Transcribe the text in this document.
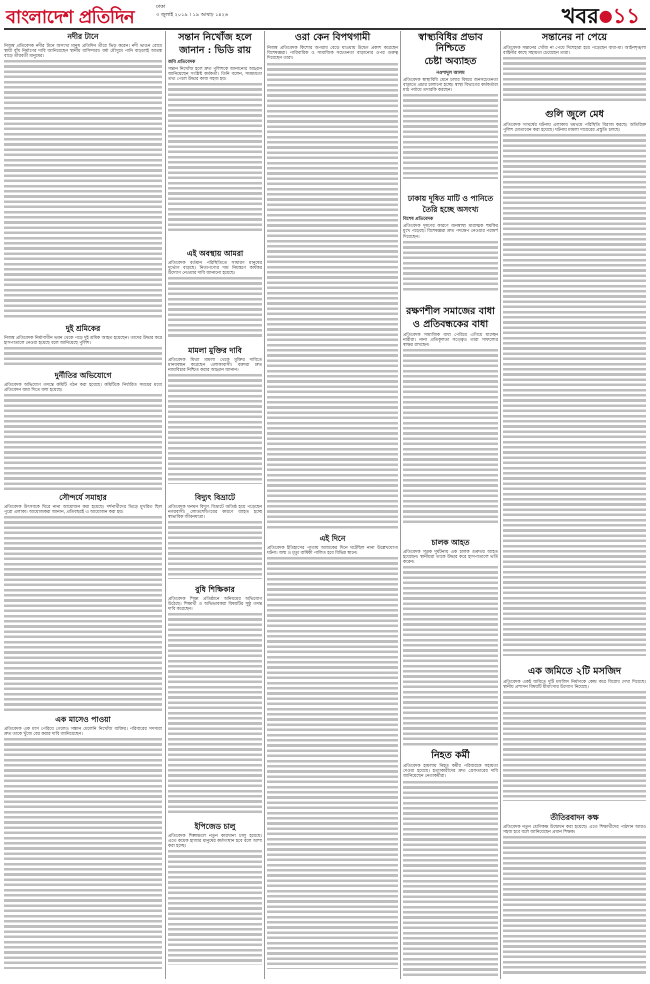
বাংলাদেশ প্রতিদিন	ঢাকা
৩ জুলাই ২০১৯ । ১৯ আষাঢ় ১৪২৬	খবর●১১
নদীর টানে

নিজস্ব প্রতিবেদক নদীর টানে অসংখ্য মানুষ প্রতিদিন তীরে ভিড় করেন। নদী ভাঙন রোধে স্থায়ী বাঁধ নির্মাণের দাবি জানিয়েছেন স্থানীয় বাসিন্দারা। বর্ষা মৌসুমে পানি বাড়লেই আতঙ্ক বাড়ে তীরবর্তী মানুষের।

দুই শ্রমিকের

নিজস্ব প্রতিবেদক নির্মাণাধীন ভবন থেকে পড়ে দুই শ্রমিক আহত হয়েছেন। তাদের উদ্ধার করে হাসপাতালে নেওয়া হয়েছে বলে জানিয়েছে পুলিশ।

দুর্নীতির অভিযোগে

প্রতিবেদক অভিযোগ তদন্তে কমিটি গঠন করা হয়েছে। কমিটিকে নির্ধারিত সময়ের মধ্যে প্রতিবেদন জমা দিতে বলা হয়েছে।

সৌন্দর্যে সমাহার

প্রতিবেদক উৎসবকে ঘিরে নানা আয়োজন করা হয়েছে। দর্শনার্থীদের ভিড়ে মুখরিত ছিল পুরো এলাকা। আয়োজকরা জানান, প্রতিবছরই এ আয়োজন করা হয়।

এক মাসেও পাওয়া

প্রতিবেদক এক মাস পেরিয়ে গেলেও সন্ধান মেলেনি নিখোঁজ ব্যক্তির। পরিবারের সদস্যরা দ্রুত তাকে খুঁজে বের করার দাবি জানিয়েছেন।

সন্তান নিখোঁজ হলে
জানান : ভিডি রায়
জবি প্রতিবেদক

সন্তান নিখোঁজ হলে দ্রুত পুলিশকে জানানোর আহ্বান জানিয়েছেন সংশ্লিষ্ট কর্মকর্তা। তিনি বলেন, সময়মতো তথ্য পেলে উদ্ধার কাজ সহজ হয়।

এই অবস্থায় আমরা

প্রতিবেদক বর্তমান পরিস্থিতিতে সাধারণ মানুষের দুর্ভোগ বাড়ছে। নিত্যপণ্যের দাম নিয়ন্ত্রণে কার্যকর উদ্যোগ নেওয়ার দাবি জানানো হয়েছে।

মামলা মুক্তির দাবি

প্রতিবেদক মিথ্যা মামলা থেকে মুক্তির দাবিতে মানববন্ধন করেছেন এলাকাবাসী। বক্তারা দ্রুত ন্যায়বিচার নিশ্চিত করার আহ্বান জানান।

বিদ্যুৎ বিভ্রাটে

প্রতিবেদক ঘনঘন বিদ্যুৎ বিভ্রাটে অতিষ্ঠ হয়ে পড়েছেন নগরবাসী। লোডশেডিংয়ের কারণে ব্যাহত হচ্ছে স্বাভাবিক জীবনযাত্রা।

বুধি শিক্ষিকার

প্রতিবেদক শিক্ষা প্রতিষ্ঠানে অনিয়মের অভিযোগ উঠেছে। শিক্ষার্থী ও অভিভাবকরা বিষয়টির সুষ্ঠু তদন্ত দাবি করেছেন।

ইপিজেড চালু

প্রতিবেদক শিল্পাঞ্চলে নতুন কারখানা চালু হয়েছে। এতে কয়েক হাজার মানুষের কর্মসংস্থান হবে বলে আশা করা হচ্ছে।

ওরা কেন বিপথগামী

নিজস্ব প্রতিবেদক কিশোর অপরাধ বেড়ে যাওয়ায় উদ্বেগ প্রকাশ করেছেন বিশেষজ্ঞরা। পারিবারিক ও সামাজিক সচেতনতা বাড়ানোর ওপর গুরুত্ব দিয়েছেন তারা।

এই দিনে

প্রতিবেদক ইতিহাসের পাতায় আজকের দিনে ঘটেছিল নানা উল্লেখযোগ্য ঘটনা। জন্ম ও মৃত্যু বার্ষিকী পালিত হবে বিভিন্ন স্থানে।

স্বাস্থ্যবিধির প্রভাব নিশ্চিতে
চেষ্টা অব্যাহত
নওশাদুল আলম

প্রতিবেদক স্বাস্থ্যবিধি মেনে চলার বিষয়ে জনসচেতনতা বাড়াতে প্রচার চালানো হচ্ছে। স্বাস্থ্য বিভাগের কর্মকর্তারা মাঠ পর্যায়ে তদারকি করছেন।

ঢাকায় দূষিত মাটি ও পানিতে
তৈরি হচ্ছে অসংখ্য
বিশেষ প্রতিবেদক

প্রতিবেদক দূষণের কারণে জনস্বাস্থ্য মারাত্মক হুমকির মুখে পড়েছে। বিশেষজ্ঞরা দ্রুত পদক্ষেপ নেওয়ার পরামর্শ দিয়েছেন।

রক্ষণশীল সমাজের বাধা
ও প্রতিবন্ধকের বাধা

প্রতিবেদক সামাজিক বাধা পেরিয়ে এগিয়ে যাচ্ছেন নারীরা। নানা প্রতিকূলতা সত্ত্বেও তারা সাফল্যের স্বাক্ষর রাখছেন।

চালক আহত

প্রতিবেদক সড়ক দুর্ঘটনায় এক চালক গুরুতর আহত হয়েছেন। স্থানীয়রা তাকে উদ্ধার করে হাসপাতালে ভর্তি করেন।

নিহত কর্মী

প্রতিবেদক হামলায় নিহত কর্মীর পরিবারকে সহায়তা দেওয়া হয়েছে। হত্যাকারীদের দ্রুত গ্রেফতারের দাবি জানিয়েছেন নেতাকর্মীরা।

সন্তানের না পেয়ে

প্রতিবেদক সন্তানের খোঁজ না পেয়ে দিশেহারা হয়ে পড়েছেন বাবা-মা। আইনশৃঙ্খলা বাহিনীর কাছে সহায়তা চেয়েছেন তারা।

গুলি জুলে মেধ

প্রতিবেদক সংঘর্ষের ঘটনায় এলাকায় থমথমে পরিস্থিতি বিরাজ করছে। অতিরিক্ত পুলিশ মোতায়েন করা হয়েছে। ঘটনায় মামলা দায়েরের প্রস্তুতি চলছে।

এক জমিতে ২টি মসজিদ

প্রতিবেদক একই জমিতে দুটি মসজিদ নির্মাণকে কেন্দ্র করে বিরোধ দেখা দিয়েছে। স্থানীয় প্রশাসন বিষয়টি মীমাংসার উদ্যোগ নিয়েছে।

তীতিরবাদন কক্ষ

প্রতিবেদক নতুন শ্রেণিকক্ষ উদ্বোধন করা হয়েছে। এতে শিক্ষার্থীদের পাঠদান আরও সহজ হবে বলে জানিয়েছেন প্রধান শিক্ষক।
